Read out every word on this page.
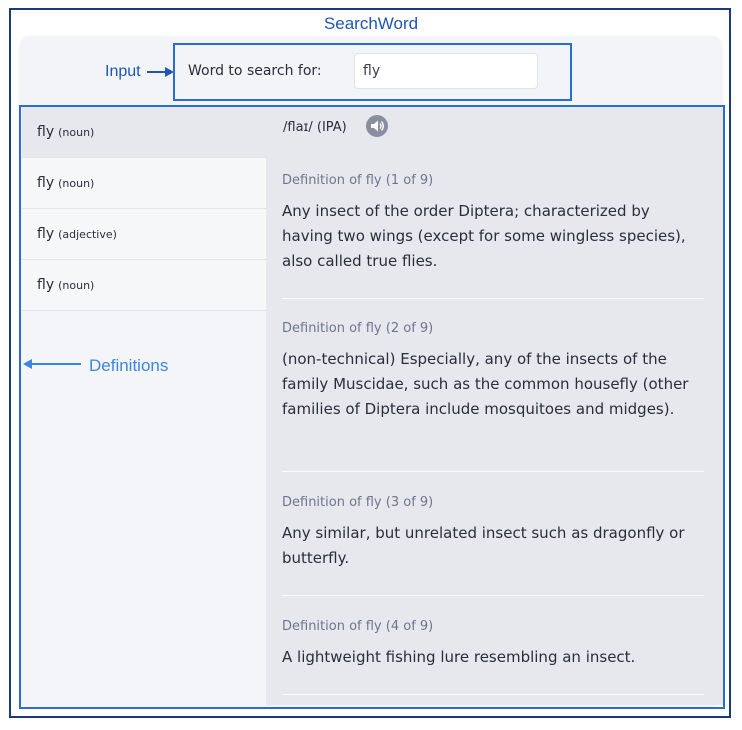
SearchWord
Input	Word to search for:
fly
fly (noun)
fly (noun)
fly (adjective)
fly (noun)
Definitions
/flaɪ/ (IPA)
Definition of fly (1 of 9)

Any insect of the order Diptera; characterized by having two wings (except for some wingless species), also called true flies.

Definition of fly (2 of 9)

(non-technical) Especially, any of the insects of the family Muscidae, such as the common housefly (other families of Diptera include mosquitoes and midges).

Definition of fly (3 of 9)

Any similar, but unrelated insect such as dragonfly or butterfly.

Definition of fly (4 of 9)

A lightweight fishing lure resembling an insect.
